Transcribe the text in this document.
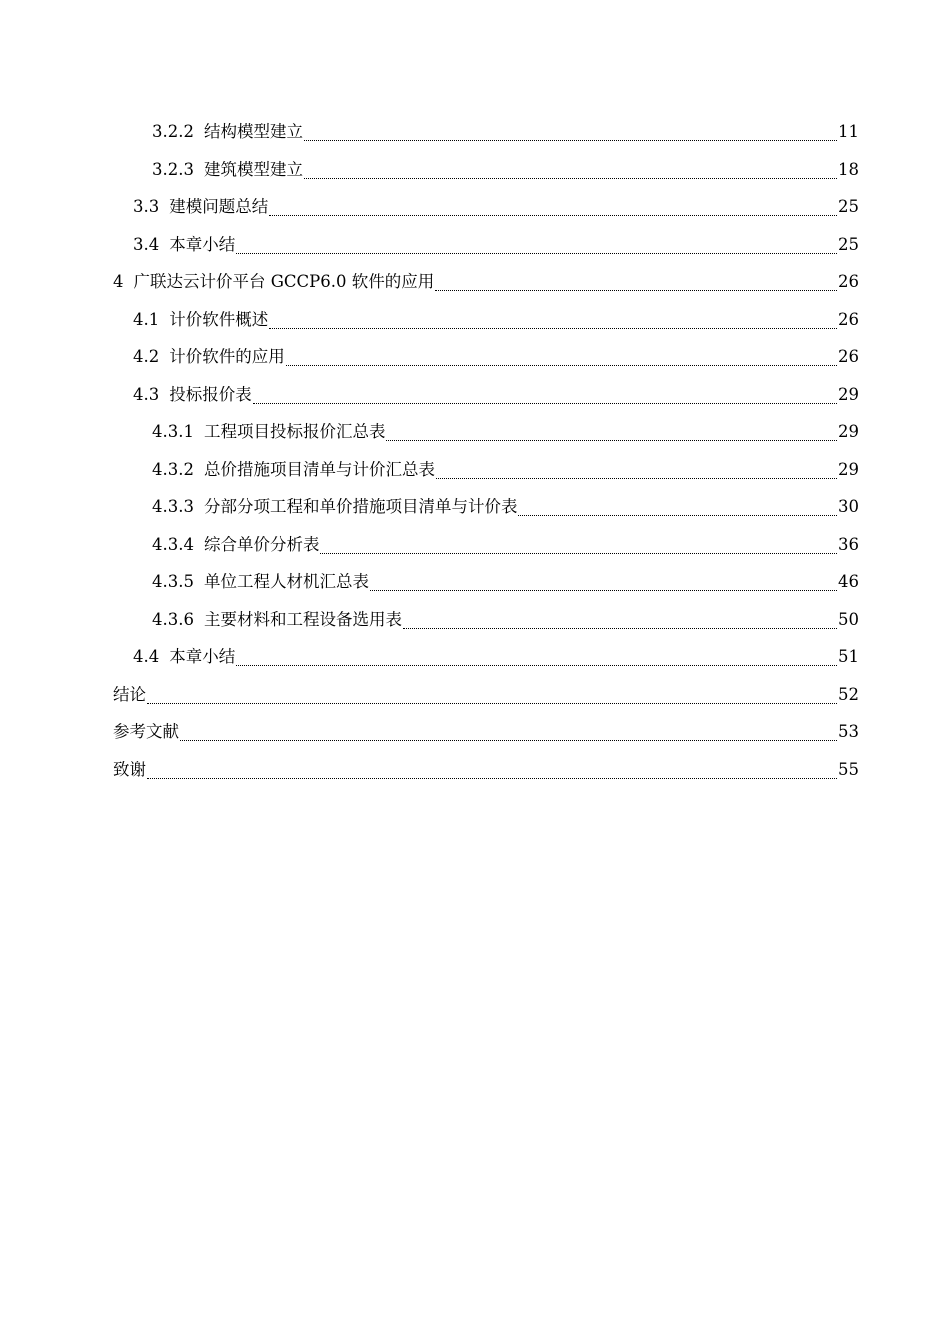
3.2.2 结构模型建立	11
3.2.3 建筑模型建立	18
3.3 建模问题总结	25
3.4 本章小结	25
4 广联达云计价平台 GCCP6.0 软件的应用	26
4.1 计价软件概述	26
4.2 计价软件的应用	26
4.3 投标报价表	29
4.3.1 工程项目投标报价汇总表	29
4.3.2 总价措施项目清单与计价汇总表	29
4.3.3 分部分项工程和单价措施项目清单与计价表	30
4.3.4 综合单价分析表	36
4.3.5 单位工程人材机汇总表	46
4.3.6 主要材料和工程设备选用表	50
4.4 本章小结	51
结论	52
参考文献	53
致谢	55
